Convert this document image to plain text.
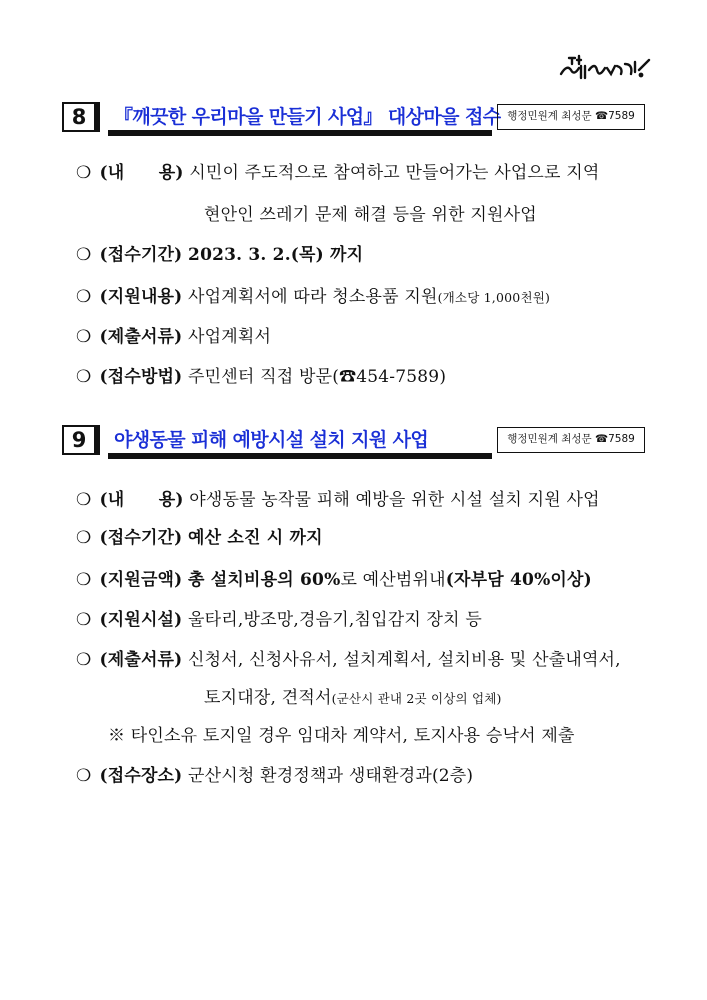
8	『깨끗한 우리마을 만들기 사업』 대상마을 접수 행정민원계 최성문 ☎7589
❍ (내　　용) 시민이 주도적으로 참여하고 만들어가는 사업으로 지역
현안인 쓰레기 문제 해결 등을 위한 지원사업
❍ (접수기간) 2023. 3. 2.(목) 까지
❍ (지원내용) 사업계획서에 따라 청소용품 지원(개소당 1,000천원)
❍ (제출서류) 사업계획서
❍ (접수방법) 주민센터 직접 방문(☎454-7589)
9	야생동물 피해 예방시설 설치 지원 사업	행정민원계 최성문 ☎7589
❍ (내　　용) 야생동물 농작물 피해 예방을 위한 시설 설치 지원 사업
❍ (접수기간) 예산 소진 시 까지
❍ (지원금액) 총 설치비용의 60%로 예산범위내(자부담 40%이상)
❍ (지원시설) 울타리,방조망,경음기,침입감지 장치 등
❍ (제출서류) 신청서, 신청사유서, 설치계획서, 설치비용 및 산출내역서,
토지대장, 견적서(군산시 관내 2곳 이상의 업체)
※ 타인소유 토지일 경우 임대차 계약서, 토지사용 승낙서 제출
❍ (접수장소) 군산시청 환경정책과 생태환경과(2층)
